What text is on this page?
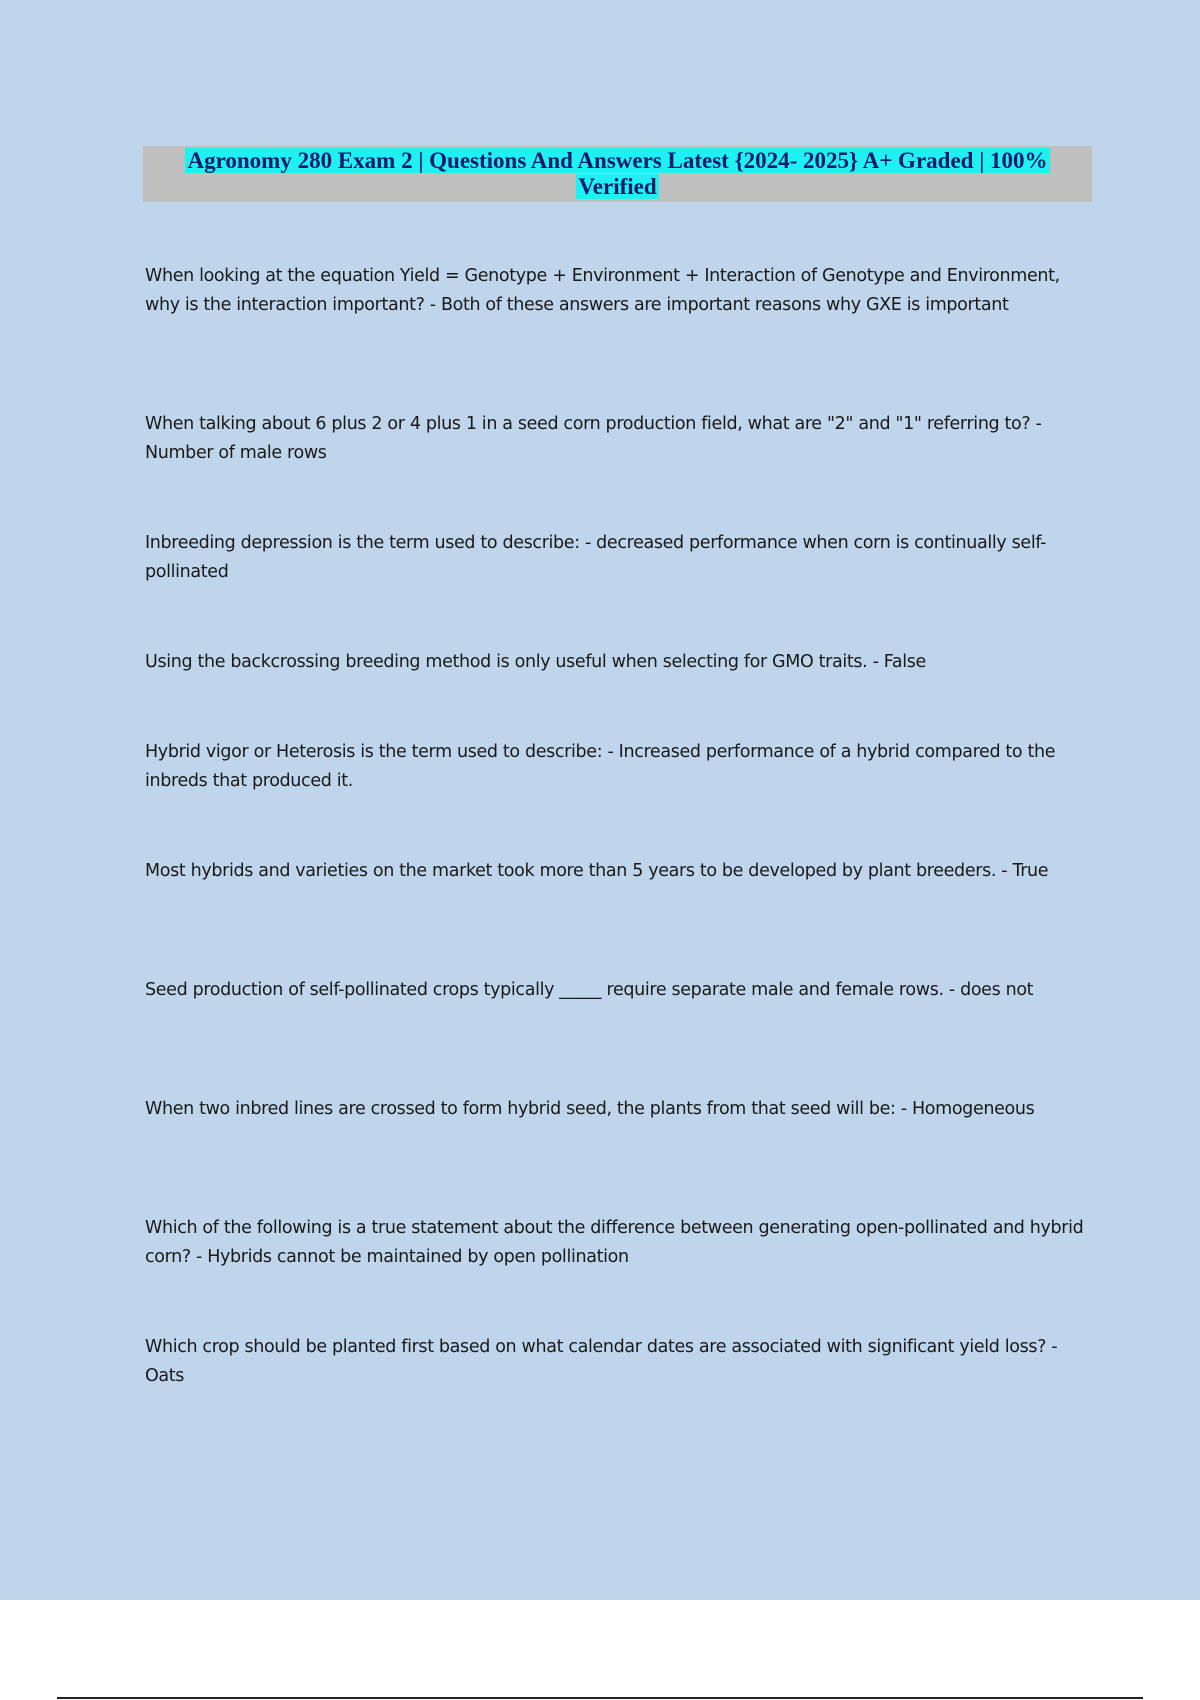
Agronomy 280 Exam 2 | Questions And Answers Latest {2024- 2025} A+ Graded | 100%
Verified

When looking at the equation Yield = Genotype + Environment + Interaction of Genotype and Environment, why is the interaction important? - Both of these answers are important reasons why GXE is important

When talking about 6 plus 2 or 4 plus 1 in a seed corn production field, what are "2" and "1" referring to? - Number of male rows

Inbreeding depression is the term used to describe: - decreased performance when corn is continually self-pollinated

Using the backcrossing breeding method is only useful when selecting for GMO traits. - False

Hybrid vigor or Heterosis is the term used to describe: - Increased performance of a hybrid compared to the inbreds that produced it.

Most hybrids and varieties on the market took more than 5 years to be developed by plant breeders. - True

Seed production of self-pollinated crops typically _____ require separate male and female rows. - does not

When two inbred lines are crossed to form hybrid seed, the plants from that seed will be: - Homogeneous

Which of the following is a true statement about the difference between generating open-pollinated and hybrid corn? - Hybrids cannot be maintained by open pollination

Which crop should be planted first based on what calendar dates are associated with significant yield loss? - Oats
